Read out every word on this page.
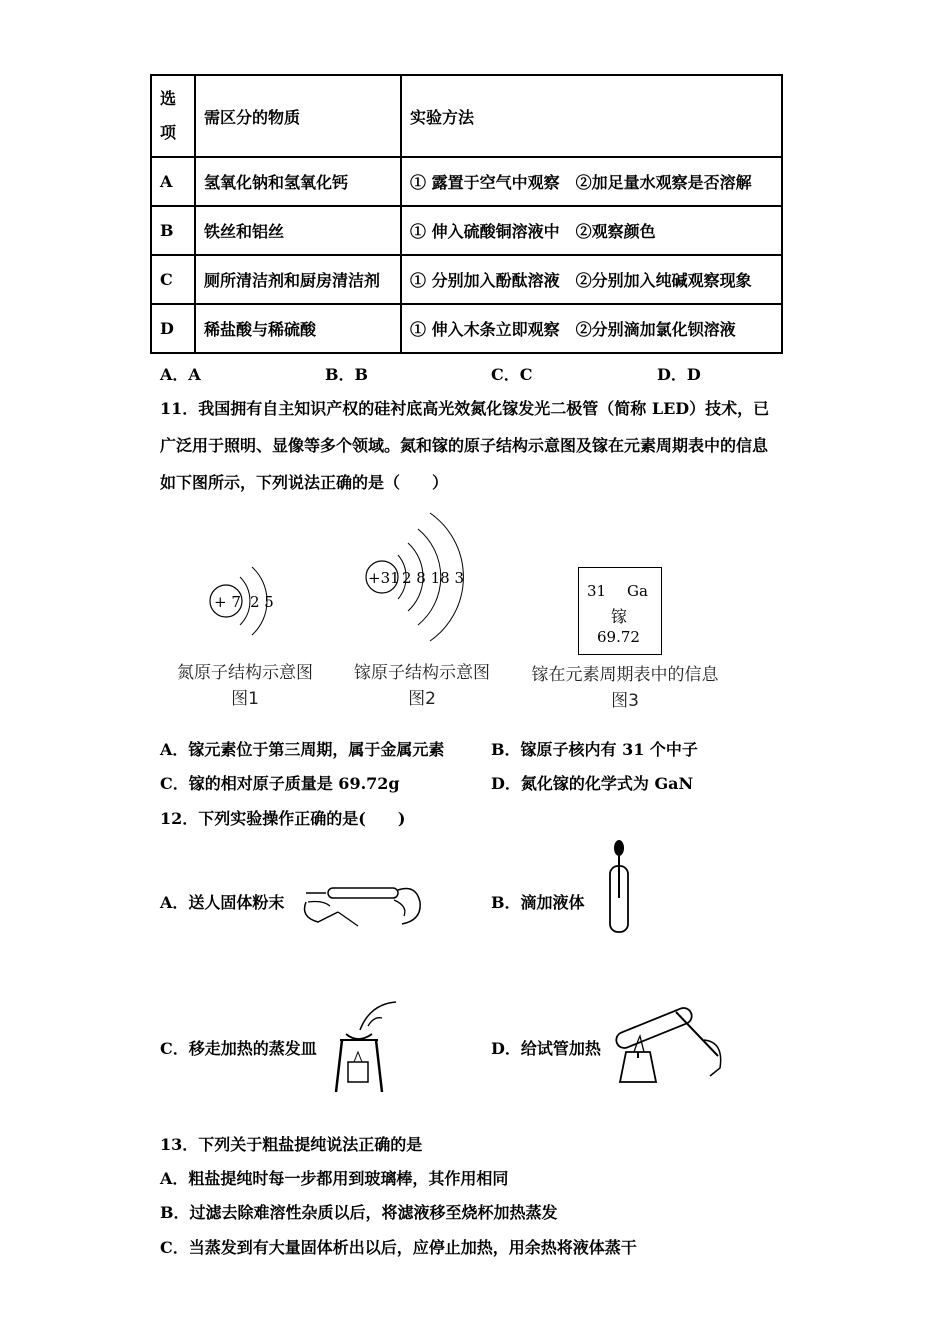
选
项	需区分的物质	实验方法
A	氢氧化钠和氢氧化钙	① 露置于空气中观察　②加足量水观察是否溶解
B	铁丝和铝丝	① 伸入硫酸铜溶液中　②观察颜色
C	厕所清洁剂和厨房清洁剂	① 分别加入酚酞溶液　②分别加入纯碱观察现象
D	稀盐酸与稀硫酸	① 伸入木条立即观察　②分别滴加氯化钡溶液
A．A	B．B	C．C	D．D
11．我国拥有自主知识产权的硅衬底高光效氮化镓发光二极管（简称 LED）技术，已
广泛用于照明、显像等多个领域。氮和镓的原子结构示意图及镓在元素周期表中的信息
如下图所示，下列说法正确的是（　　）
+ 7 2 5
+31 2 8 18 3
31 Ga
镓
69.72
氮原子结构示意图
图1
镓原子结构示意图
图2
镓在元素周期表中的信息
图3
A．镓元素位于第三周期，属于金属元素	B．镓原子核内有 31 个中子
C．镓的相对原子质量是 69.72g	D．氮化镓的化学式为 GaN
12．下列实验操作正确的是(　　)
A．送人固体粉末	B．滴加液体
C．移走加热的蒸发皿	D．给试管加热
13．下列关于粗盐提纯说法正确的是
A．粗盐提纯时每一步都用到玻璃棒，其作用相同
B．过滤去除难溶性杂质以后，将滤液移至烧杯加热蒸发
C．当蒸发到有大量固体析出以后，应停止加热，用余热将液体蒸干
